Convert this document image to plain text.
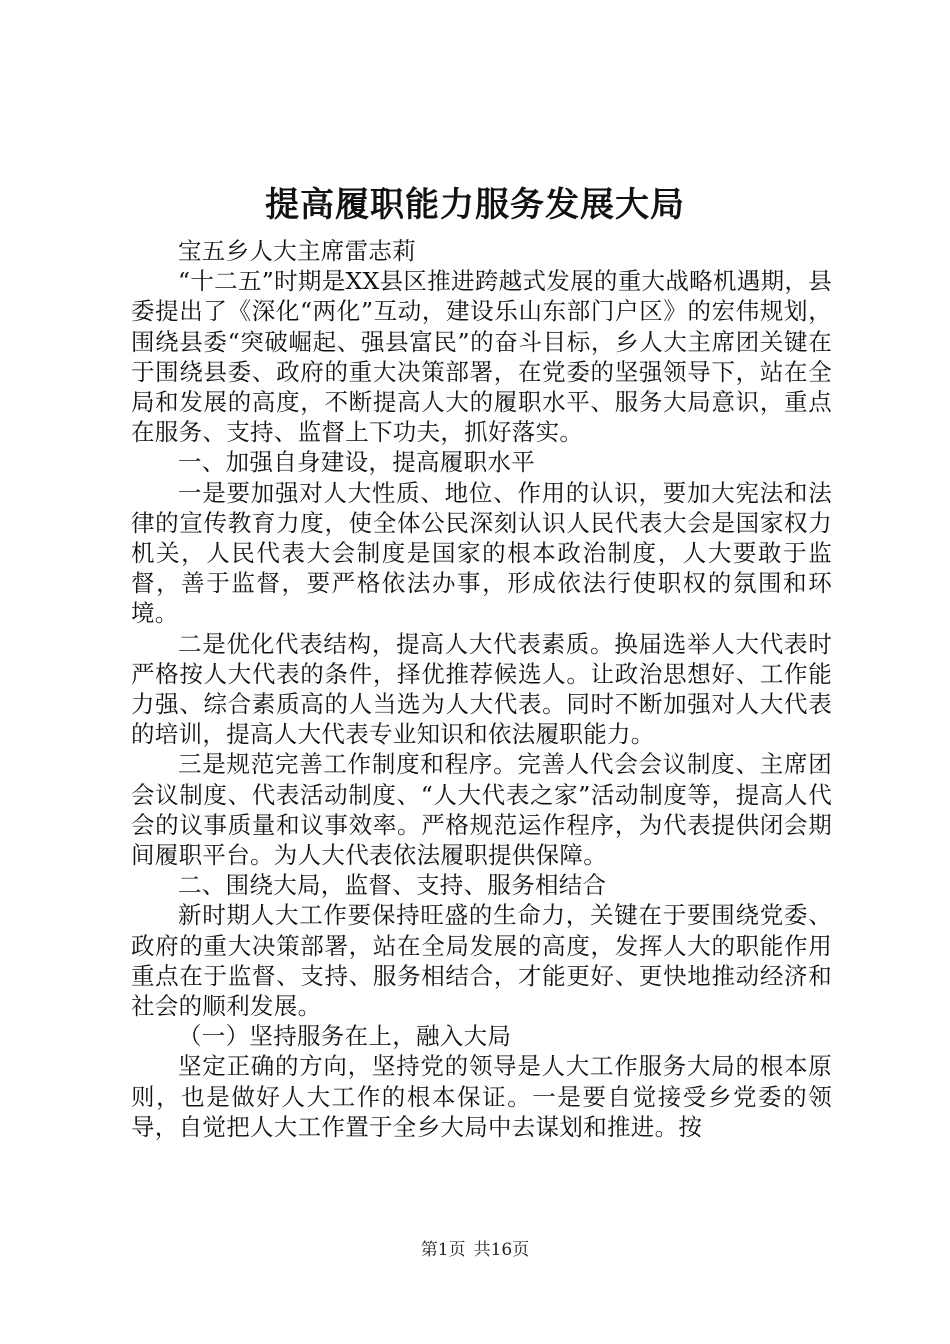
提高履职能力服务发展大局

宝五乡人大主席雷志莉

“十二五”时期是XX县区推进跨越式发展的重大战略机遇期，县委提出了《深化“两化”互动，建设乐山东部门户区》的宏伟规划，围绕县委“突破崛起、强县富民”的奋斗目标，乡人大主席团关键在于围绕县委、政府的重大决策部署，在党委的坚强领导下，站在全局和发展的高度，不断提高人大的履职水平、服务大局意识，重点在服务、支持、监督上下功夫，抓好落实。

一、加强自身建设，提高履职水平

一是要加强对人大性质、地位、作用的认识，要加大宪法和法律的宣传教育力度，使全体公民深刻认识人民代表大会是国家权力机关，人民代表大会制度是国家的根本政治制度，人大要敢于监督，善于监督，要严格依法办事，形成依法行使职权的氛围和环境。

二是优化代表结构，提高人大代表素质。换届选举人大代表时严格按人大代表的条件，择优推荐候选人。让政治思想好、工作能力强、综合素质高的人当选为人大代表。同时不断加强对人大代表的培训，提高人大代表专业知识和依法履职能力。

三是规范完善工作制度和程序。完善人代会会议制度、主席团会议制度、代表活动制度、“人大代表之家”活动制度等，提高人代会的议事质量和议事效率。严格规范运作程序，为代表提供闭会期间履职平台。为人大代表依法履职提供保障。

二、围绕大局，监督、支持、服务相结合

新时期人大工作要保持旺盛的生命力，关键在于要围绕党委、政府的重大决策部署，站在全局发展的高度，发挥人大的职能作用重点在于监督、支持、服务相结合，才能更好、更快地推动经济和社会的顺利发展。

（一）坚持服务在上，融入大局

坚定正确的方向，坚持党的领导是人大工作服务大局的根本原则，也是做好人大工作的根本保证。一是要自觉接受乡党委的领导，自觉把人大工作置于全乡大局中去谋划和推进。按

第1页 共16页
